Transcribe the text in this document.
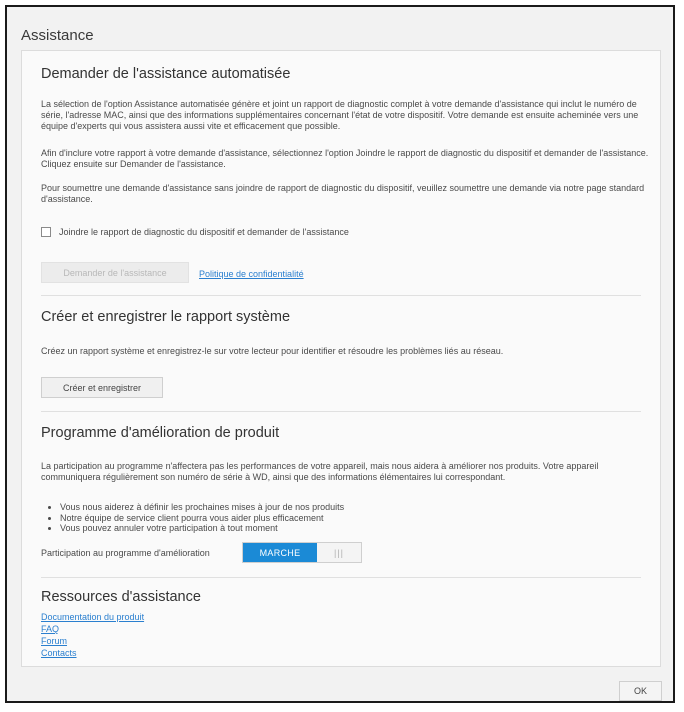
Assistance
Demander de l'assistance automatisée
La sélection de l'option Assistance automatisée génère et joint un rapport de diagnostic complet à votre demande d'assistance qui inclut le numéro de série, l'adresse MAC, ainsi que des informations supplémentaires concernant l'état de votre dispositif. Votre demande est ensuite acheminée vers une équipe d'experts qui vous assistera aussi vite et efficacement que possible.
Afin d'inclure votre rapport à votre demande d'assistance, sélectionnez l'option Joindre le rapport de diagnostic du dispositif et demander de l'assistance. Cliquez ensuite sur Demander de l'assistance.
Pour soumettre une demande d'assistance sans joindre de rapport de diagnostic du dispositif, veuillez soumettre une demande via notre page standard d'assistance.
Joindre le rapport de diagnostic du dispositif et demander de l'assistance
Demander de l'assistance	Politique de confidentialité
Créer et enregistrer le rapport système
Créez un rapport système et enregistrez-le sur votre lecteur pour identifier et résoudre les problèmes liés au réseau.
Créer et enregistrer
Programme d'amélioration de produit
La participation au programme n'affectera pas les performances de votre appareil, mais nous aidera à améliorer nos produits. Votre appareil communiquera régulièrement son numéro de série à WD, ainsi que des informations élémentaires lui correspondant.
• Vous nous aiderez à définir les prochaines mises à jour de nos produits
• Notre équipe de service client pourra vous aider plus efficacement
• Vous pouvez annuler votre participation à tout moment
Participation au programme d'amélioration	MARCHE	|||
Ressources d'assistance
Documentation du produit
FAQ
Forum
Contacts
OK
